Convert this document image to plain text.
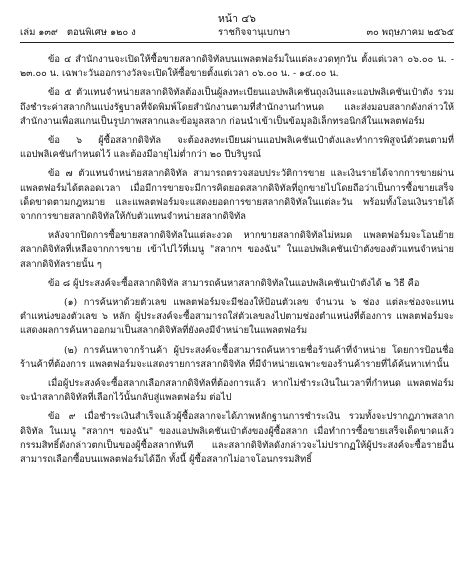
หน้า ๔๖
เล่ม ๑๓๙ ตอนพิเศษ ๑๒๐ ง	ราชกิจจานุเบกษา	๓๐ พฤษภาคม ๒๕๖๕

ข้อ ๔ สำนักงานจะเปิดให้ซื้อขายสลากดิจิทัลบนแพลตฟอร์มในแต่ละงวดทุกวัน ตั้งแต่เวลา ๐๖.๐๐ น. - ๒๓.๐๐ น. เฉพาะวันออกรางวัลจะเปิดให้ซื้อขายตั้งแต่เวลา ๐๖.๐๐ น. - ๑๔.๐๐ น.

ข้อ ๕ ตัวแทนจำหน่ายสลากดิจิทัลต้องเป็นผู้ลงทะเบียนแอปพลิเคชันถุงเงินและแอปพลิเคชันเป๋าตัง รวมถึงชำระค่าสลากกินแบ่งรัฐบาลที่จัดพิมพ์โดยสำนักงานตามที่สำนักงานกำหนด และส่งมอบสลากดังกล่าวให้สำนักงานเพื่อสแกนเป็นรูปภาพสลากและข้อมูลสลาก ก่อนนำเข้าเป็นข้อมูลอิเล็กทรอนิกส์ในแพลตฟอร์ม

ข้อ ๖ ผู้ซื้อสลากดิจิทัล จะต้องลงทะเบียนผ่านแอปพลิเคชันเป๋าตังและทำการพิสูจน์ตัวตนตามที่แอปพลิเคชันกำหนดไว้ และต้องมีอายุไม่ต่ำกว่า ๒๐ ปีบริบูรณ์

ข้อ ๗ ตัวแทนจำหน่ายสลากดิจิทัล สามารถตรวจสอบประวัติการขาย และเงินรายได้จากการขายผ่านแพลตฟอร์มได้ตลอดเวลา เมื่อมีการขายจะมีการคิดยอดสลากดิจิทัลที่ถูกขายไปโดยถือว่าเป็นการซื้อขายเสร็จเด็ดขาดตามกฎหมาย และแพลตฟอร์มจะแสดงยอดการขายสลากดิจิทัลในแต่ละวัน พร้อมทั้งโอนเงินรายได้จากการขายสลากดิจิทัลให้กับตัวแทนจำหน่ายสลากดิจิทัล

หลังจากปิดการซื้อขายสลากดิจิทัลในแต่ละงวด หากขายสลากดิจิทัลไม่หมด แพลตฟอร์มจะโอนย้ายสลากดิจิทัลที่เหลือจากการขาย เข้าไปไว้ที่เมนู "สลากฯ ของฉัน" ในแอปพลิเคชันเป๋าตังของตัวแทนจำหน่ายสลากดิจิทัลรายนั้น ๆ

ข้อ ๘ ผู้ประสงค์จะซื้อสลากดิจิทัล สามารถค้นหาสลากดิจิทัลในแอปพลิเคชันเป๋าตังได้ ๒ วิธี คือ

(๑) การค้นหาด้วยตัวเลข แพลตฟอร์มจะมีช่องให้ป้อนตัวเลข จำนวน ๖ ช่อง แต่ละช่องจะแทนตำแหน่งของตัวเลข ๖ หลัก ผู้ประสงค์จะซื้อสามารถใส่ตัวเลขลงไปตามช่องตำแหน่งที่ต้องการ แพลตฟอร์มจะแสดงผลการค้นหาออกมาเป็นสลากดิจิทัลที่ยังคงมีจำหน่ายในแพลตฟอร์ม

(๒) การค้นหาจากร้านค้า ผู้ประสงค์จะซื้อสามารถค้นหารายชื่อร้านค้าที่จำหน่าย โดยการป้อนชื่อร้านค้าที่ต้องการ แพลตฟอร์มจะแสดงรายการสลากดิจิทัล ที่มีจำหน่ายเฉพาะของร้านค้ารายที่ได้ค้นหาเท่านั้น

เมื่อผู้ประสงค์จะซื้อสลากเลือกสลากดิจิทัลที่ต้องการแล้ว หากไม่ชำระเงินในเวลาที่กำหนด แพลตฟอร์มจะนำสลากดิจิทัลที่เลือกไว้นั้นกลับสู่แพลตฟอร์ม ต่อไป

ข้อ ๙ เมื่อชำระเงินสำเร็จแล้วผู้ซื้อสลากจะได้ภาพหลักฐานการชำระเงิน รวมทั้งจะปรากฏภาพสลากดิจิทัล ในเมนู "สลากฯ ของฉัน" ของแอปพลิเคชันเป๋าตังของผู้ซื้อสลาก เมื่อทำการซื้อขายเสร็จเด็ดขาดแล้ว กรรมสิทธิ์ดังกล่าวตกเป็นของผู้ซื้อสลากทันที และสลากดิจิทัลดังกล่าวจะไม่ปรากฏให้ผู้ประสงค์จะซื้อรายอื่นสามารถเลือกซื้อบนแพลตฟอร์มได้อีก ทั้งนี้ ผู้ซื้อสลากไม่อาจโอนกรรมสิทธิ์
